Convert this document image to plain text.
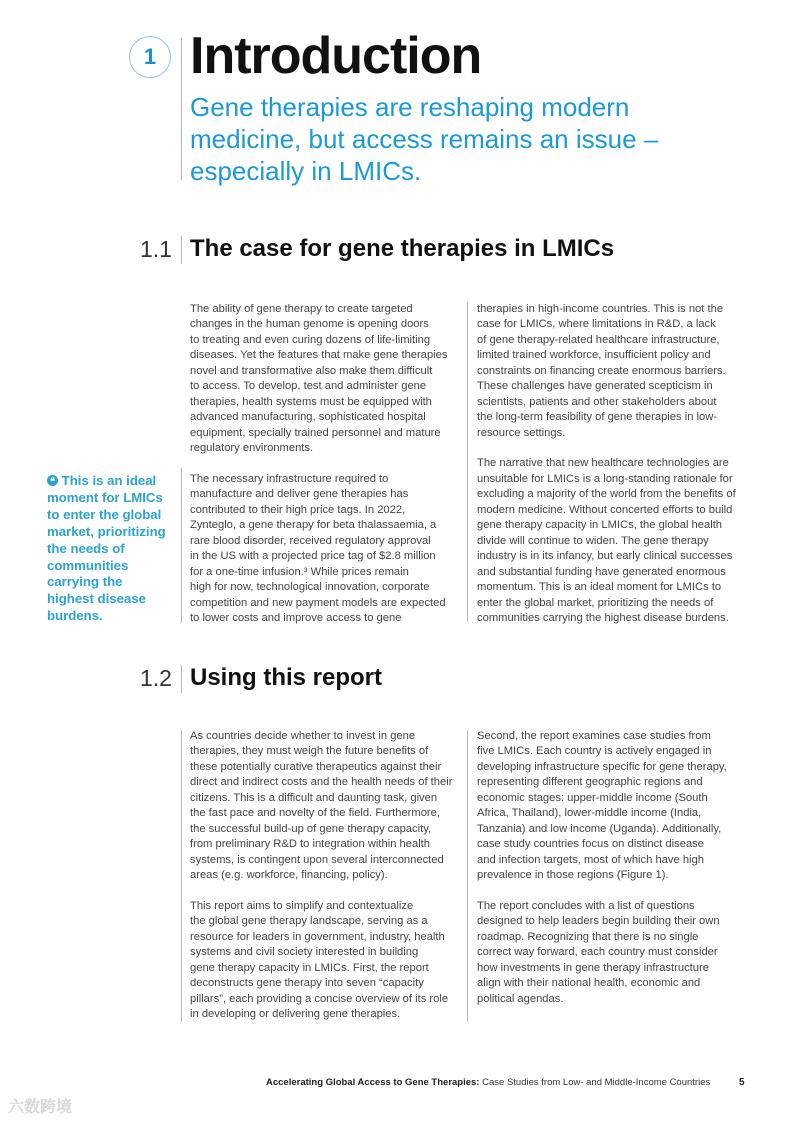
1 Introduction
Gene therapies are reshaping modern
medicine, but access remains an issue –
especially in LMICs.
1.1 The case for gene therapies in LMICs
The ability of gene therapy to create targeted
changes in the human genome is opening doors
to treating and even curing dozens of life-limiting
diseases. Yet the features that make gene therapies
novel and transformative also make them difficult
to access. To develop, test and administer gene
therapies, health systems must be equipped with
advanced manufacturing, sophisticated hospital
equipment, specially trained personnel and mature
regulatory environments.
The necessary infrastructure required to
manufacture and deliver gene therapies has
contributed to their high price tags. In 2022,
Zynteglo, a gene therapy for beta thalassaemia, a
rare blood disorder, received regulatory approval
in the US with a projected price tag of $2.8 million
for a one-time infusion.³ While prices remain
high for now, technological innovation, corporate
competition and new payment models are expected
to lower costs and improve access to gene
therapies in high-income countries. This is not the
case for LMICs, where limitations in R&D, a lack
of gene therapy-related healthcare infrastructure,
limited trained workforce, insufficient policy and
constraints on financing create enormous barriers.
These challenges have generated scepticism in
scientists, patients and other stakeholders about
the long-term feasibility of gene therapies in low-
resource settings.
The narrative that new healthcare technologies are
unsuitable for LMICs is a long-standing rationale for
excluding a majority of the world from the benefits of
modern medicine. Without concerted efforts to build
gene therapy capacity in LMICs, the global health
divide will continue to widen. The gene therapy
industry is in its infancy, but early clinical successes
and substantial funding have generated enormous
momentum. This is an ideal moment for LMICs to
enter the global market, prioritizing the needs of
communities carrying the highest disease burdens.
❝ This is an ideal
moment for LMICs
to enter the global
market, prioritizing
the needs of
communities
carrying the
highest disease
burdens.
1.2 Using this report
As countries decide whether to invest in gene
therapies, they must weigh the future benefits of
these potentially curative therapeutics against their
direct and indirect costs and the health needs of their
citizens. This is a difficult and daunting task, given
the fast pace and novelty of the field. Furthermore,
the successful build-up of gene therapy capacity,
from preliminary R&D to integration within health
systems, is contingent upon several interconnected
areas (e.g. workforce, financing, policy).
This report aims to simplify and contextualize
the global gene therapy landscape, serving as a
resource for leaders in government, industry, health
systems and civil society interested in building
gene therapy capacity in LMICs. First, the report
deconstructs gene therapy into seven “capacity
pillars”, each providing a concise overview of its role
in developing or delivering gene therapies.
Second, the report examines case studies from
five LMICs. Each country is actively engaged in
developing infrastructure specific for gene therapy,
representing different geographic regions and
economic stages: upper-middle income (South
Africa, Thailand), lower-middle income (India,
Tanzania) and low income (Uganda). Additionally,
case study countries focus on distinct disease
and infection targets, most of which have high
prevalence in those regions (Figure 1).
The report concludes with a list of questions
designed to help leaders begin building their own
roadmap. Recognizing that there is no single
correct way forward, each country must consider
how investments in gene therapy infrastructure
align with their national health, economic and
political agendas.
Accelerating Global Access to Gene Therapies: Case Studies from Low- and Middle-Income Countries	5
六数跨境
